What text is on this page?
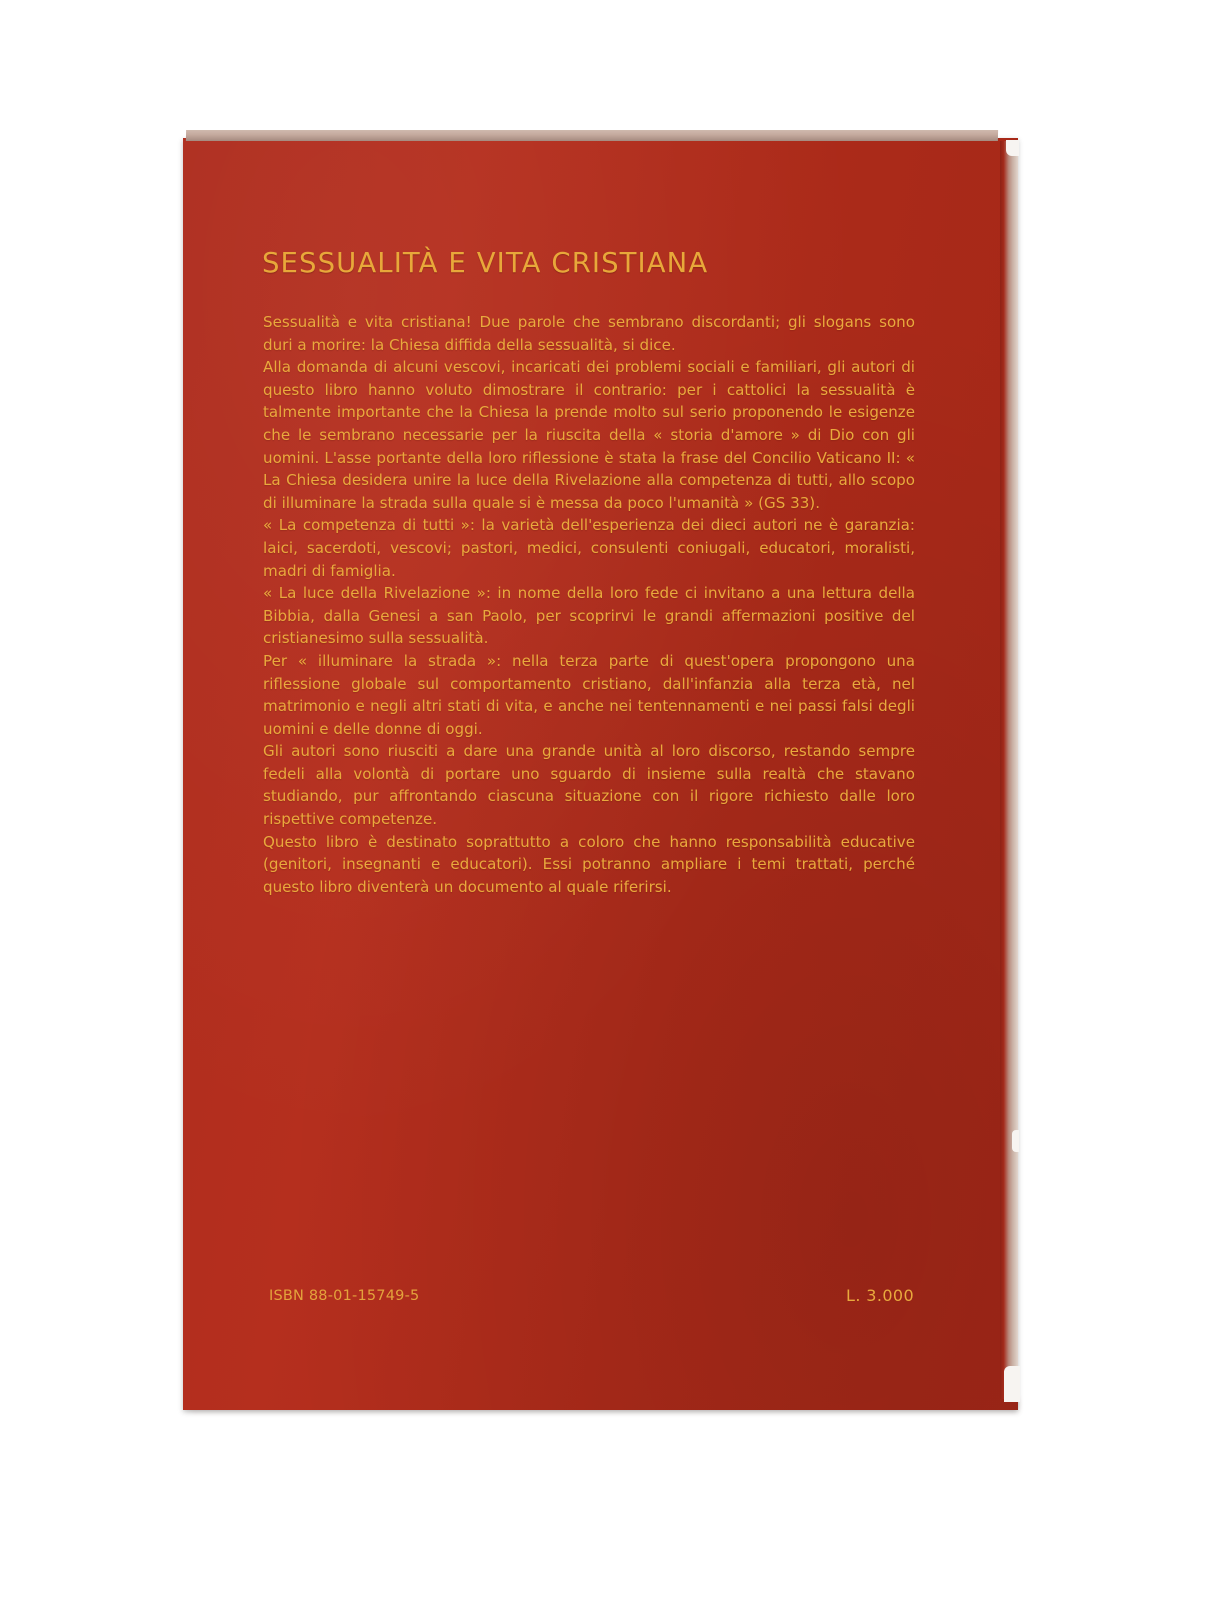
SESSUALITÀ E VITA CRISTIANA

Sessualità e vita cristiana! Due parole che sembrano discordanti; gli slogans sono duri a morire: la Chiesa diffida della sessualità, si dice.

Alla domanda di alcuni vescovi, incaricati dei problemi sociali e familiari, gli autori di questo libro hanno voluto dimostrare il contrario: per i cattolici la sessualità è talmente importante che la Chiesa la prende molto sul serio proponendo le esigenze che le sembrano necessarie per la riuscita della « storia d'amore » di Dio con gli uomini. L'asse portante della loro riflessione è stata la frase del Concilio Vaticano II: « La Chiesa desidera unire la luce della Rivelazione alla competenza di tutti, allo scopo di illuminare la strada sulla quale si è messa da poco l'umanità » (GS 33).

« La competenza di tutti »: la varietà dell'esperienza dei dieci autori ne è garanzia: laici, sacerdoti, vescovi; pastori, medici, consulenti coniugali, educatori, moralisti, madri di famiglia.

« La luce della Rivelazione »: in nome della loro fede ci invitano a una lettura della Bibbia, dalla Genesi a san Paolo, per scoprirvi le grandi affermazioni positive del cristianesimo sulla sessualità.

Per « illuminare la strada »: nella terza parte di quest'opera propongono una riflessione globale sul comportamento cristiano, dall'infanzia alla terza età, nel matrimonio e negli altri stati di vita, e anche nei tentennamenti e nei passi falsi degli uomini e delle donne di oggi.

Gli autori sono riusciti a dare una grande unità al loro discorso, restando sempre fedeli alla volontà di portare uno sguardo di insieme sulla realtà che stavano studiando, pur affrontando ciascuna situazione con il rigore richiesto dalle loro rispettive competenze.

Questo libro è destinato soprattutto a coloro che hanno responsabilità educative (genitori, insegnanti e educatori). Essi potranno ampliare i temi trattati, perché questo libro diventerà un documento al quale riferirsi.

ISBN 88-01-15749-5	L. 3.000
